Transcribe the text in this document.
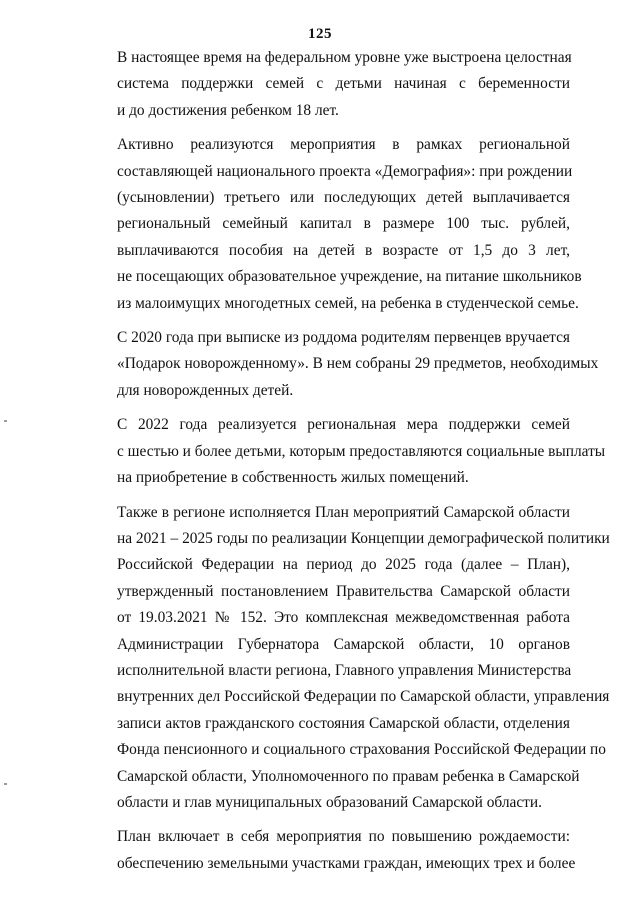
125

В настоящее время на федеральном уровне уже выстроена целостная
система поддержки семей с детьми начиная с беременности
и до достижения ребенком 18 лет.

Активно реализуются мероприятия в рамках региональной
составляющей национального проекта «Демография»: при рождении
(усыновлении) третьего или последующих детей выплачивается
региональный семейный капитал в размере 100 тыс. рублей,
выплачиваются пособия на детей в возрасте от 1,5 до 3 лет,
не посещающих образовательное учреждение, на питание школьников
из малоимущих многодетных семей, на ребенка в студенческой семье.

С 2020 года при выписке из роддома родителям первенцев вручается
«Подарок новорожденному». В нем собраны 29 предметов, необходимых
для новорожденных детей.

С 2022 года реализуется региональная мера поддержки семей
с шестью и более детьми, которым предоставляются социальные выплаты
на приобретение в собственность жилых помещений.

Также в регионе исполняется План мероприятий Самарской области
на 2021 – 2025 годы по реализации Концепции демографической политики
Российской Федерации на период до 2025 года (далее – План),
утвержденный постановлением Правительства Самарской области
от 19.03.2021 № 152. Это комплексная межведомственная работа
Администрации Губернатора Самарской области, 10 органов
исполнительной власти региона, Главного управления Министерства
внутренних дел Российской Федерации по Самарской области, управления
записи актов гражданского состояния Самарской области, отделения
Фонда пенсионного и социального страхования Российской Федерации по
Самарской области, Уполномоченного по правам ребенка в Самарской
области и глав муниципальных образований Самарской области.

План включает в себя мероприятия по повышению рождаемости:
обеспечению земельными участками граждан, имеющих трех и более
